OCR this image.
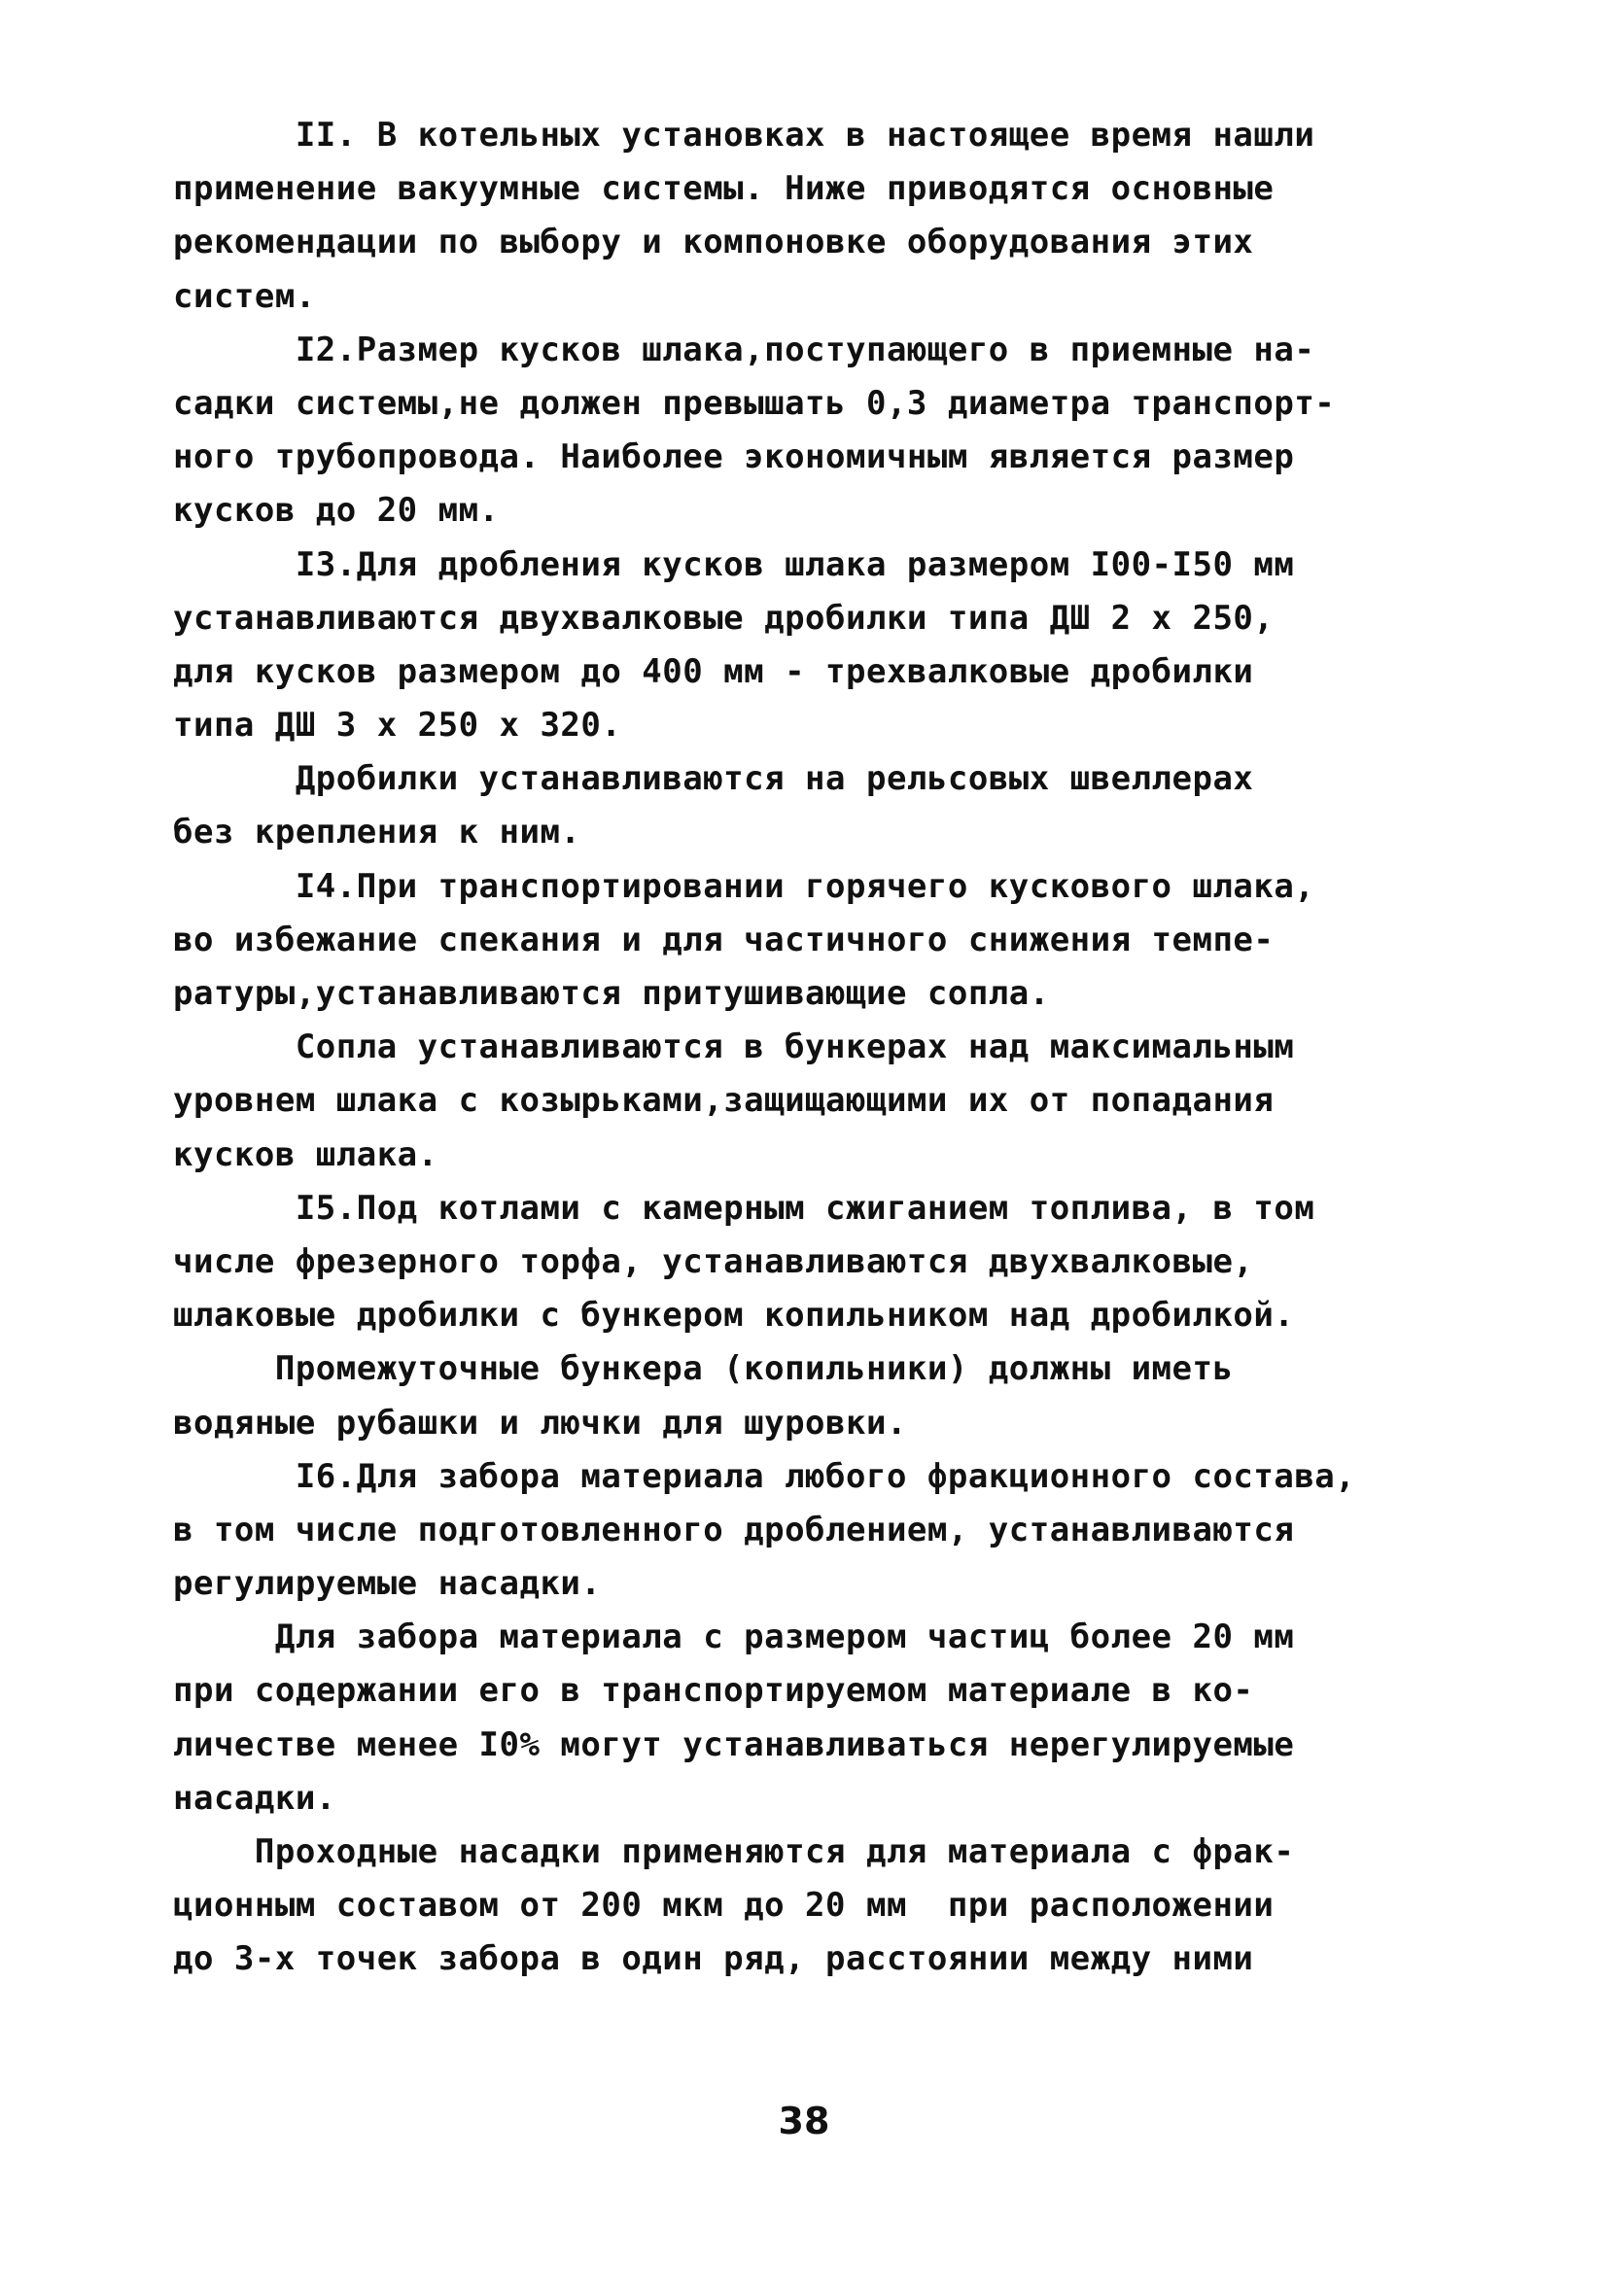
II. В котельных установках в настоящее время нашли
применение вакуумные системы. Ниже приводятся основные
рекомендации по выбору и компоновке оборудования этих
систем.
I2.Размер кусков шлака,поступающего в приемные на-
садки системы,не должен превышать 0,3 диаметра транспорт-
ного трубопровода. Наиболее экономичным является размер
кусков до 20 мм.
I3.Для дробления кусков шлака размером I00-I50 мм
устанавливаются двухвалковые дробилки типа ДШ 2 х 250,
для кусков размером до 400 мм - трехвалковые дробилки
типа ДШ 3 х 250 х 320.
Дробилки устанавливаются на рельсовых швеллерах
без крепления к ним.
I4.При транспортировании горячего кускового шлака,
во избежание спекания и для частичного снижения темпе-
ратуры,устанавливаются притушивающие сопла.
Сопла устанавливаются в бункерах над максимальным
уровнем шлака с козырьками,защищающими их от попадания
кусков шлака.
I5.Под котлами с камерным сжиганием топлива, в том
числе фрезерного торфа, устанавливаются двухвалковые,
шлаковые дробилки с бункером копильником над дробилкой.
Промежуточные бункера (копильники) должны иметь
водяные рубашки и лючки для шуровки.
I6.Для забора материала любого фракционного состава,
в том числе подготовленного дроблением, устанавливаются
регулируемые насадки.
Для забора материала с размером частиц более 20 мм
при содержании его в транспортируемом материале в ко-
личестве менее I0% могут устанавливаться нерегулируемые
насадки.
Проходные насадки применяются для материала с фрак-
ционным составом от 200 мкм до 20 мм  при расположении
до 3-х точек забора в один ряд, расстоянии между ними
38
